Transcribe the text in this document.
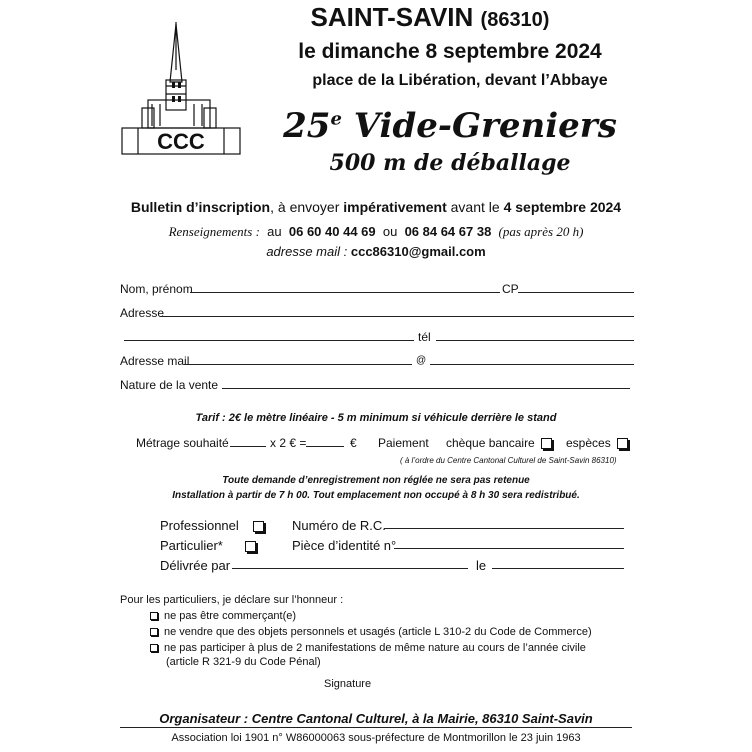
CCC
SAINT-SAVIN (86310)
le dimanche 8 septembre 2024
place de la Libération, devant l’Abbaye
25e Vide-Greniers
500 m de déballage
Bulletin d’inscription, à envoyer impérativement avant le 4 septembre 2024
Renseignements : au 06 60 40 44 69 ou 06 84 64 67 38 (pas après 20 h)
adresse mail : ccc86310@gmail.com
Nom, prénom	CP
Adresse
tél
Adresse mail	@
Nature de la vente
Tarif : 2€ le mètre linéaire - 5 m minimum si véhicule derrière le stand
Métrage souhaité	x 2 € =	€ Paiement chèque bancaire	espèces
( à l’ordre du Centre Cantonal Culturel de Saint-Savin 86310)
Toute demande d’enregistrement non réglée ne sera pas retenue
Installation à partir de 7 h 00. Tout emplacement non occupé à 8 h 30 sera redistribué.
Professionnel	Numéro de R.C.
Particulier*	Pièce d’identité n°
Délivrée par	le
Pour les particuliers, je déclare sur l’honneur :
ne pas être commerçant(e)
ne vendre que des objets personnels et usagés (article L 310-2 du Code de Commerce)
ne pas participer à plus de 2 manifestations de même nature au cours de l’année civile
(article R 321-9 du Code Pénal)
Signature
Organisateur : Centre Cantonal Culturel, à la Mairie, 86310 Saint-Savin
Association loi 1901 n° W86000063 sous-préfecture de Montmorillon le 23 juin 1963
